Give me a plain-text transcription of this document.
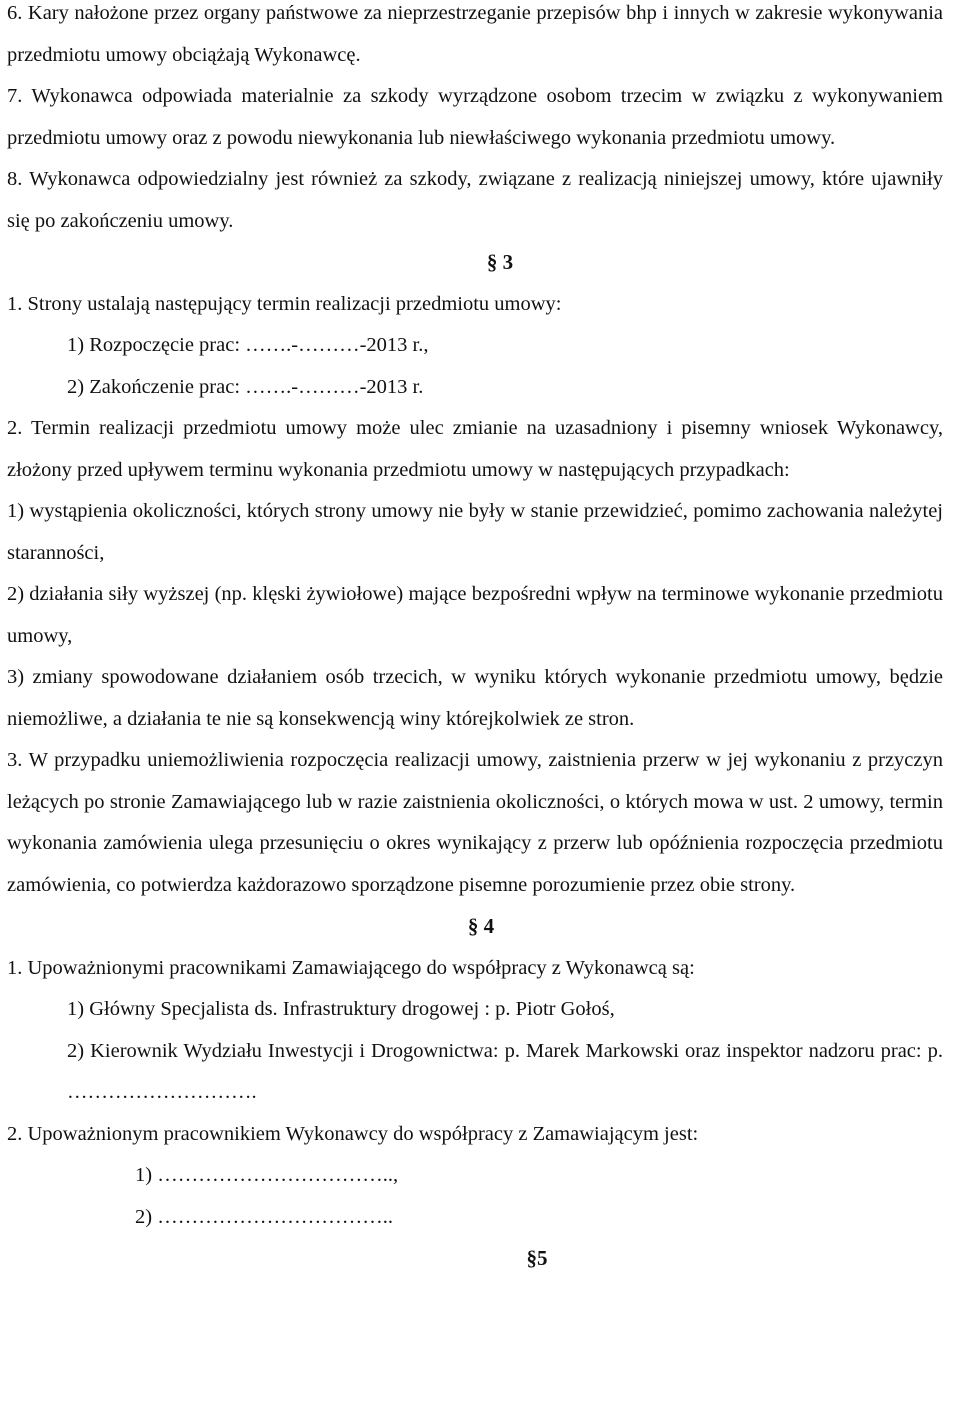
6. Kary nałożone przez organy państwowe za nieprzestrzeganie przepisów bhp i innych w zakresie wykonywania przedmiotu umowy obciążają Wykonawcę.

7. Wykonawca odpowiada materialnie za szkody wyrządzone osobom trzecim w związku z wykonywaniem przedmiotu umowy oraz z powodu niewykonania lub niewłaściwego wykonania przedmiotu umowy.

8. Wykonawca odpowiedzialny jest również za szkody, związane z realizacją niniejszej umowy, które ujawniły się po zakończeniu umowy.

§ 3

1. Strony ustalają następujący termin realizacji przedmiotu umowy:

1) Rozpoczęcie prac: …….-………-2013 r.,

2) Zakończenie prac: …….-………-2013 r.

2. Termin realizacji przedmiotu umowy może ulec zmianie na uzasadniony i pisemny wniosek Wykonawcy, złożony przed upływem terminu wykonania przedmiotu umowy w następujących przypadkach:

1) wystąpienia okoliczności, których strony umowy nie były w stanie przewidzieć, pomimo zachowania należytej staranności,

2) działania siły wyższej (np. klęski żywiołowe) mające bezpośredni wpływ na terminowe wykonanie przedmiotu umowy,

3) zmiany spowodowane działaniem osób trzecich, w wyniku których wykonanie przedmiotu umowy, będzie niemożliwe, a działania te nie są konsekwencją winy którejkolwiek ze stron.

3. W przypadku uniemożliwienia rozpoczęcia realizacji umowy, zaistnienia przerw w jej wykonaniu z przyczyn leżących po stronie Zamawiającego lub w razie zaistnienia okoliczności, o których mowa w ust. 2 umowy, termin wykonania zamówienia ulega przesunięciu o okres wynikający z przerw lub opóźnienia rozpoczęcia przedmiotu zamówienia, co potwierdza każdorazowo sporządzone pisemne porozumienie przez obie strony.

§ 4

1. Upoważnionymi pracownikami Zamawiającego do współpracy z Wykonawcą są:

1) Główny Specjalista ds. Infrastruktury drogowej : p. Piotr Gołoś,

2) Kierownik Wydziału Inwestycji i Drogownictwa: p. Marek Markowski oraz inspektor nadzoru prac: p. ……………………….

2. Upoważnionym pracownikiem Wykonawcy do współpracy z Zamawiającym jest:

1) ……………………………..,

2) ……………………………..

§5
